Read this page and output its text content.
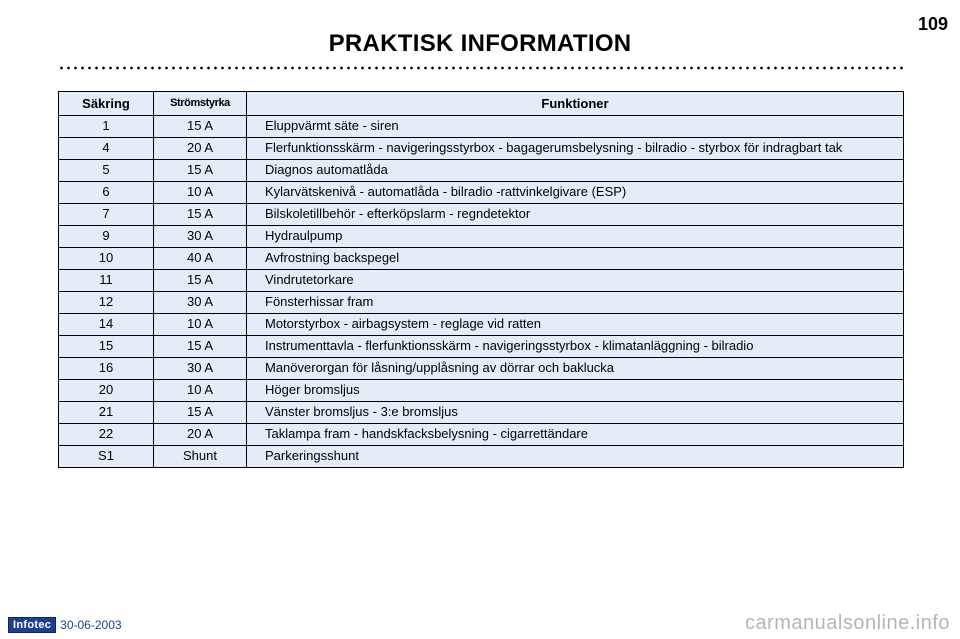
109
PRAKTISK INFORMATION
Säkring	Strömstyrka	Funktioner
1	15 A	Eluppvärmt säte - siren
4	20 A	Flerfunktionsskärm - navigeringsstyrbox - bagagerumsbelysning - bilradio - styrbox för indragbart tak
5	15 A	Diagnos automatlåda
6	10 A	Kylarvätskenivå - automatlåda - bilradio -rattvinkelgivare (ESP)
7	15 A	Bilskoletillbehör - efterköpslarm - regndetektor
9	30 A	Hydraulpump
10	40 A	Avfrostning backspegel
11	15 A	Vindrutetorkare
12	30 A	Fönsterhissar fram
14	10 A	Motorstyrbox - airbagsystem - reglage vid ratten
15	15 A	Instrumenttavla - flerfunktionsskärm - navigeringsstyrbox - klimatanläggning - bilradio
16	30 A	Manöverorgan för låsning/upplåsning av dörrar och baklucka
20	10 A	Höger bromsljus
21	15 A	Vänster bromsljus - 3:e bromsljus
22	20 A	Taklampa fram - handskfacksbelysning - cigarrettändare
S1	Shunt	Parkeringsshunt
Infotec 30-06-2003	carmanualsonline.info
